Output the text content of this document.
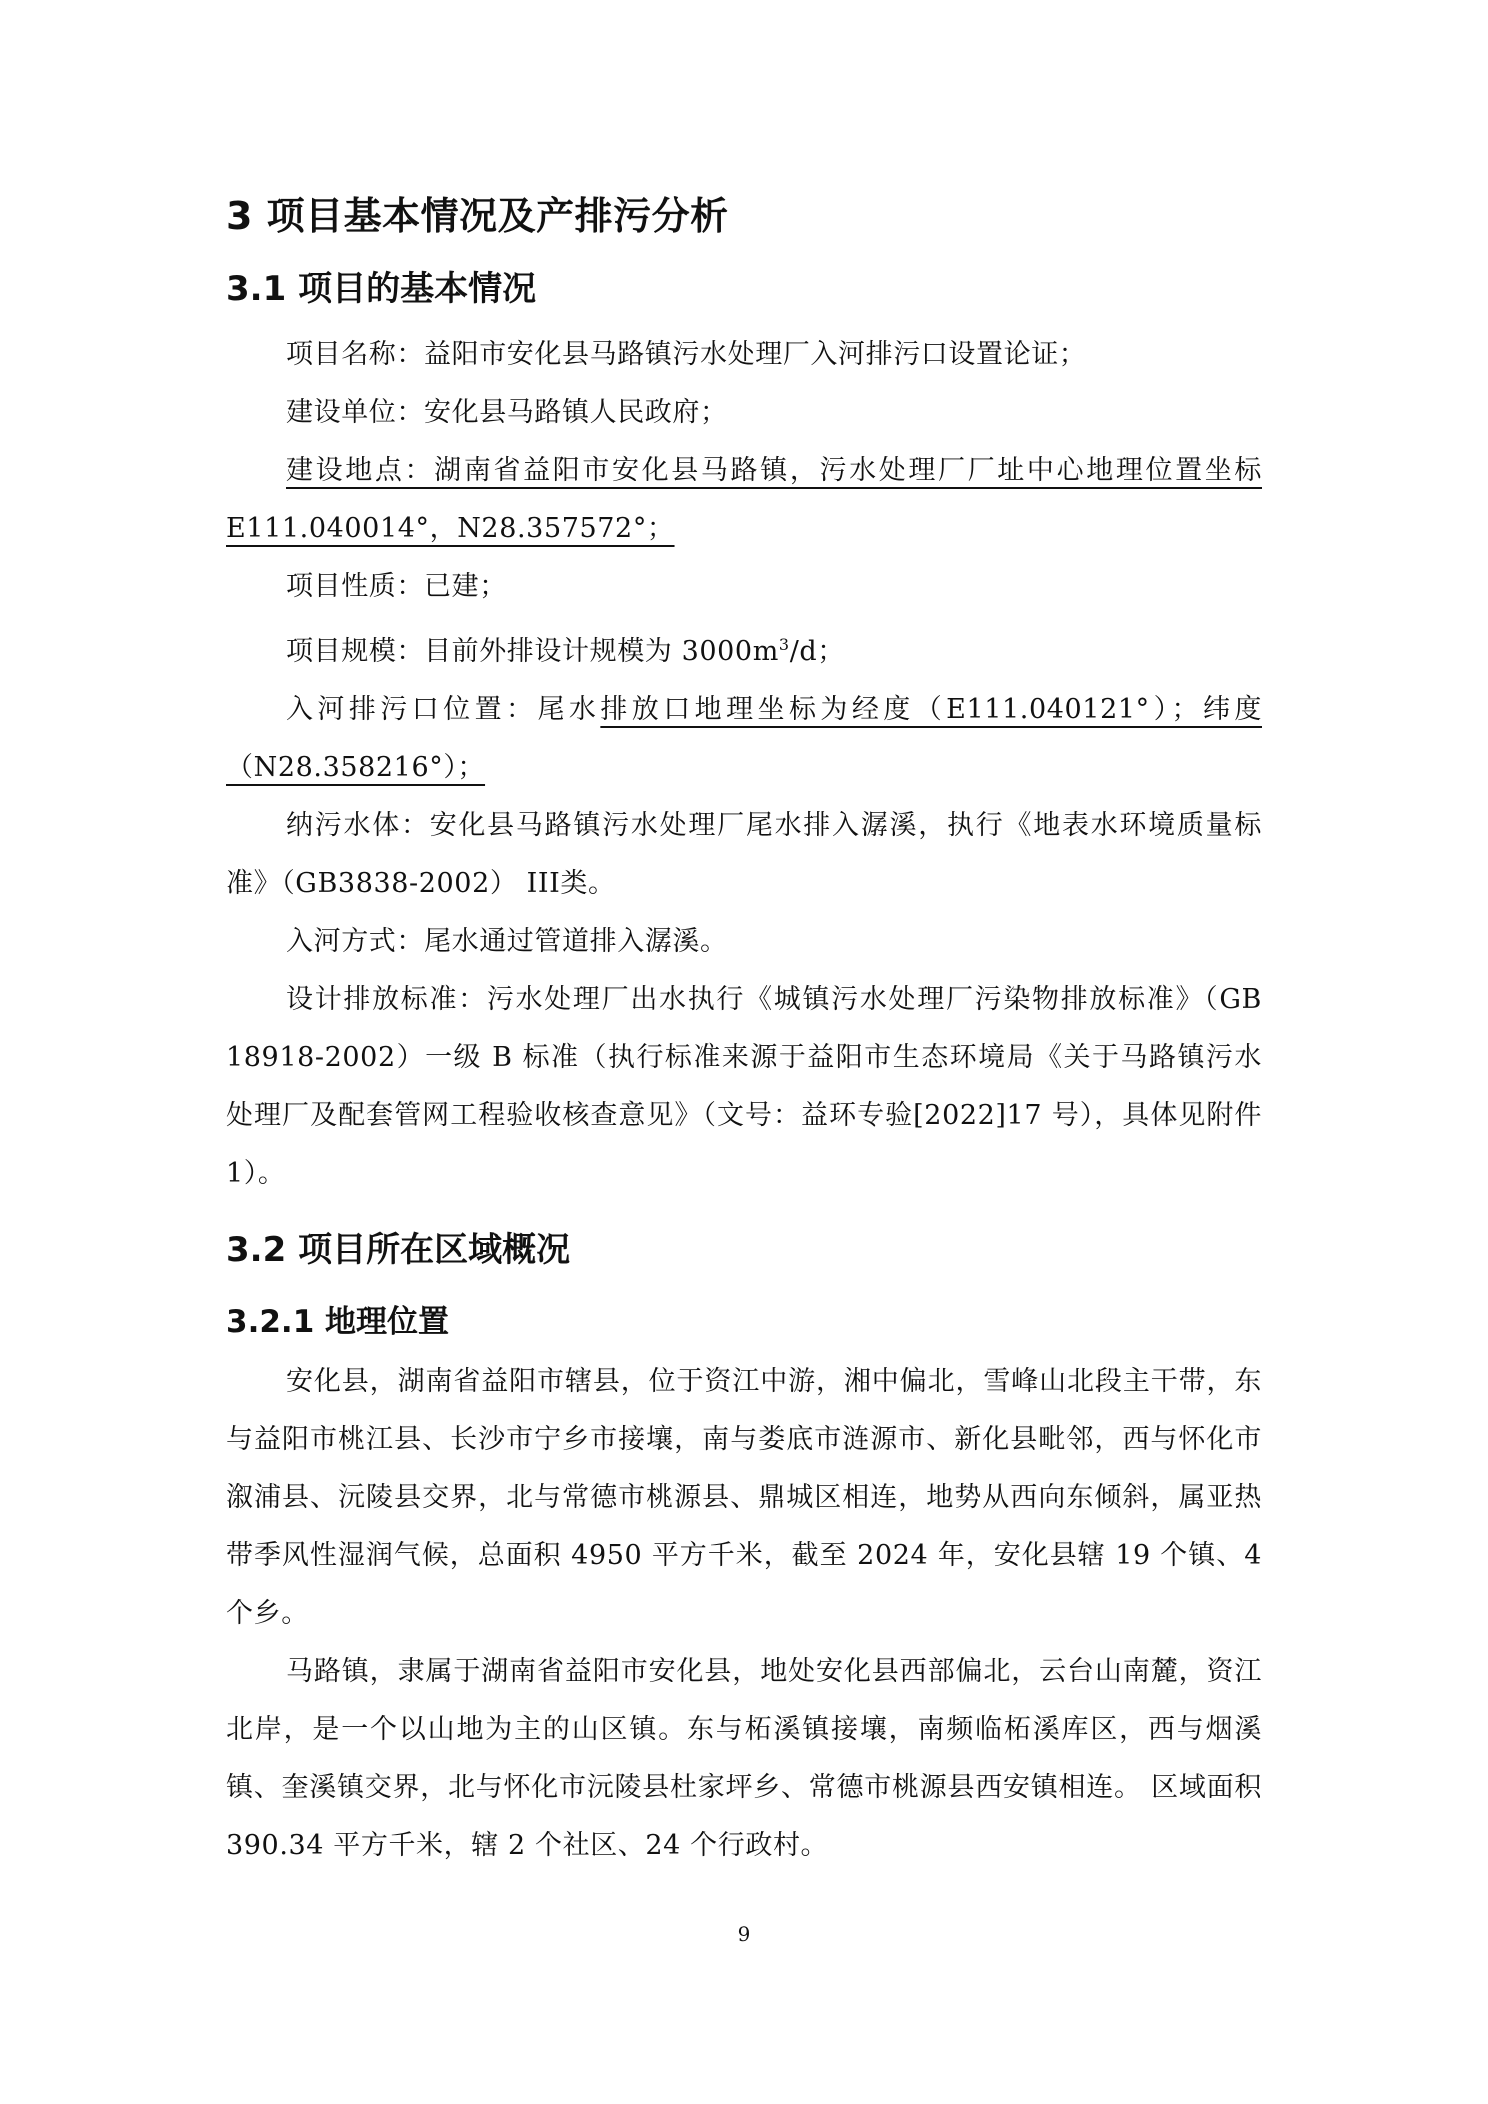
3 项目基本情况及产排污分析
3.1 项目的基本情况

项目名称：益阳市安化县马路镇污水处理厂入河排污口设置论证；

建设单位：安化县马路镇人民政府；

建设地点：湖南省益阳市安化县马路镇，污水处理厂厂址中心地理位置坐标E111.040014°，N28.357572°；

项目性质：已建；

项目规模：目前外排设计规模为 $3000m^3/d$；

入河排污口位置：尾水排放口地理坐标为经度（E111.040121°）；纬度（N28.358216°）；

纳污水体：安化县马路镇污水处理厂尾水排入潺溪，执行《地表水环境质量标准》（GB3838-2002） III类。

入河方式：尾水通过管道排入潺溪。

设计排放标准：污水处理厂出水执行《城镇污水处理厂污染物排放标准》（GB 18918-2002）一级 B 标准（执行标准来源于益阳市生态环境局《关于马路镇污水处理厂及配套管网工程验收核查意见》（文号：益环专验[2022]17 号），具体见附件 1）。

3.2 项目所在区域概况
3.2.1 地理位置

安化县，湖南省益阳市辖县，位于资江中游，湘中偏北，雪峰山北段主干带，东与益阳市桃江县、长沙市宁乡市接壤，南与娄底市涟源市、新化县毗邻，西与怀化市溆浦县、沅陵县交界，北与常德市桃源县、鼎城区相连，地势从西向东倾斜，属亚热带季风性湿润气候，总面积 4950 平方千米，截至 2024 年，安化县辖 19 个镇、4 个乡。

马路镇，隶属于湖南省益阳市安化县，地处安化县西部偏北，云台山南麓，资江北岸，是一个以山地为主的山区镇。东与柘溪镇接壤，南频临柘溪库区，西与烟溪镇、奎溪镇交界，北与怀化市沅陵县杜家坪乡、常德市桃源县西安镇相连。 区域面积 390.34 平方千米，辖 2 个社区、24 个行政村。

9
